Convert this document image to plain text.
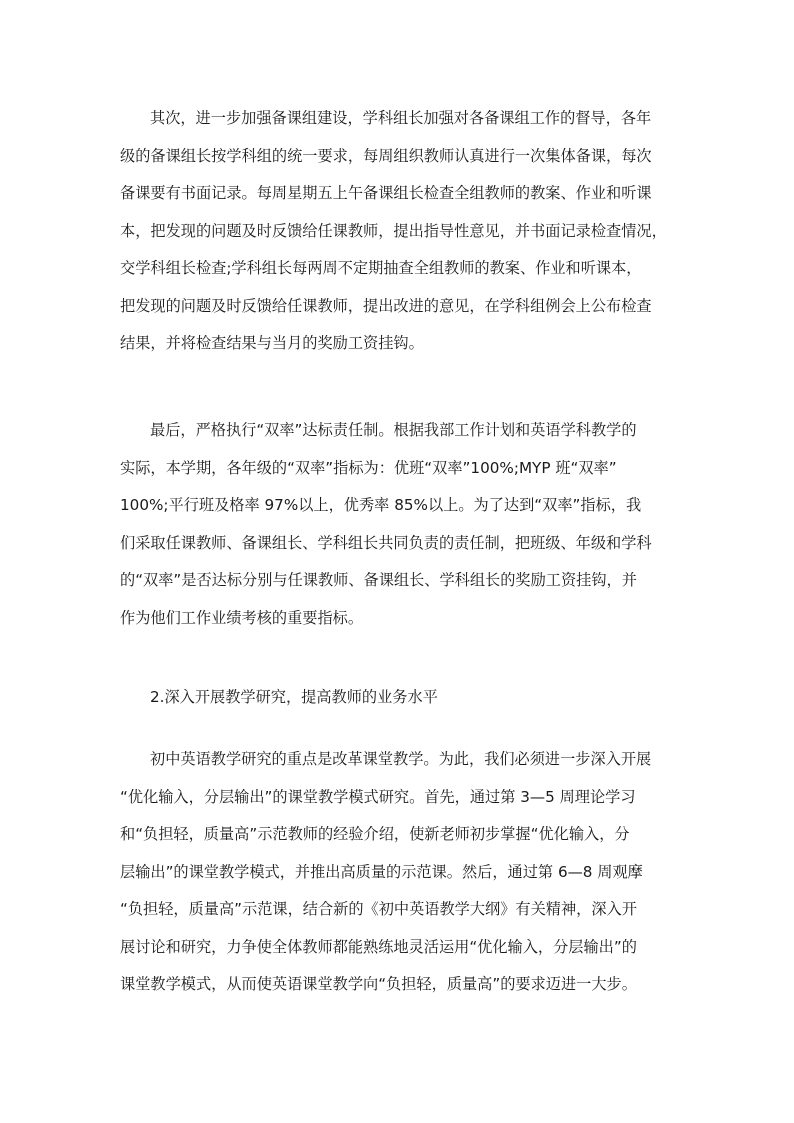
其次，进一步加强备课组建设，学科组长加强对各备课组工作的督导，各年
级的备课组长按学科组的统一要求，每周组织教师认真进行一次集体备课，每次
备课要有书面记录。每周星期五上午备课组长检查全组教师的教案、作业和听课
本，把发现的问题及时反馈给任课教师，提出指导性意见，并书面记录检查情况，
交学科组长检查;学科组长每两周不定期抽查全组教师的教案、作业和听课本，
把发现的问题及时反馈给任课教师，提出改进的意见，在学科组例会上公布检查
结果，并将检查结果与当月的奖励工资挂钩。
最后，严格执行“双率”达标责任制。根据我部工作计划和英语学科教学的
实际，本学期，各年级的“双率”指标为：优班“双率”100%;MYP 班“双率”
100%;平行班及格率 97%以上，优秀率 85%以上。为了达到“双率”指标，我
们采取任课教师、备课组长、学科组长共同负责的责任制，把班级、年级和学科
的“双率”是否达标分别与任课教师、备课组长、学科组长的奖励工资挂钩，并
作为他们工作业绩考核的重要指标。
2.深入开展教学研究，提高教师的业务水平
初中英语教学研究的重点是改革课堂教学。为此，我们必须进一步深入开展
“优化输入，分层输出”的课堂教学模式研究。首先，通过第 3—5 周理论学习
和“负担轻，质量高”示范教师的经验介绍，使新老师初步掌握“优化输入，分
层输出”的课堂教学模式，并推出高质量的示范课。然后，通过第 6—8 周观摩
“负担轻，质量高”示范课，结合新的《初中英语教学大纲》有关精神，深入开
展讨论和研究，力争使全体教师都能熟练地灵活运用“优化输入，分层输出”的
课堂教学模式，从而使英语课堂教学向“负担轻，质量高”的要求迈进一大步。
